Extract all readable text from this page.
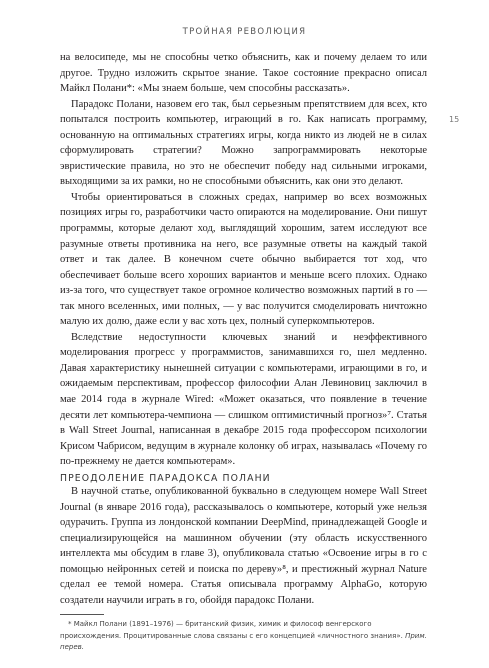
ТРОЙНАЯ РЕВОЛЮЦИЯ
15

на велосипеде, мы не способны четко объяснить, как и почему делаем то или другое. Трудно изложить скрытое знание. Такое состояние прекрасно описал Майкл Полани*: «Мы знаем больше, чем способны рассказать».

Парадокс Полани, назовем его так, был серьезным препятствием для всех, кто попытался построить компьютер, играющий в го. Как написать программу, основанную на оптимальных стратегиях игры, когда никто из людей не в силах сформулировать стратегии? Можно запрограммировать некоторые эвристические правила, но это не обеспечит победу над сильными игроками, выходящими за их рамки, но не способными объяснить, как они это делают.

Чтобы ориентироваться в сложных средах, например во всех возможных позициях игры го, разработчики часто опираются на моделирование. Они пишут программы, которые делают ход, выглядящий хорошим, затем исследуют все разумные ответы противника на него, все разумные ответы на каждый такой ответ и так далее. В конечном счете обычно выбирается тот ход, что обеспечивает больше всего хороших вариантов и меньше всего плохих. Однако из-за того, что существует такое огромное количество возможных партий в го — так много вселенных, ими полных, — у вас получится смоделировать ничтожно малую их долю, даже если у вас хоть цех, полный суперкомпьютеров.

Вследствие недоступности ключевых знаний и неэффективного моделирования прогресс у программистов, занимавшихся го, шел медленно. Давая характеристику нынешней ситуации с компьютерами, играющими в го, и ожидаемым перспективам, профессор философии Алан Левиновиц заключил в мае 2014 года в журнале Wired: «Может оказаться, что появление в течение десяти лет компьютера-чемпиона — слишком оптимистичный прогноз»⁷. Статья в Wall Street Journal, написанная в декабре 2015 года профессором психологии Крисом Чабрисом, ведущим в журнале колонку об играх, называлась «Почему го по-прежнему не дается компьютерам».

ПРЕОДОЛЕНИЕ ПАРАДОКСА ПОЛАНИ

В научной статье, опубликованной буквально в следующем номере Wall Street Journal (в январе 2016 года), рассказывалось о компьютере, который уже нельзя одурачить. Группа из лондонской компании DeepMind, принадлежащей Google и специализирующейся на машинном обучении (эту область искусственного интеллекта мы обсудим в главе 3), опубликовала статью «Освоение игры в го с помощью нейронных сетей и поиска по дереву»⁸, и престижный журнал Nature сделал ее темой номера. Статья описывала программу AlphaGo, которую создатели научили играть в го, обойдя парадокс Полани.

* Майкл Полани (1891–1976) — британский физик, химик и философ венгерского происхождения. Процитированные слова связаны с его концепцией «личностного знания». Прим. перев.
